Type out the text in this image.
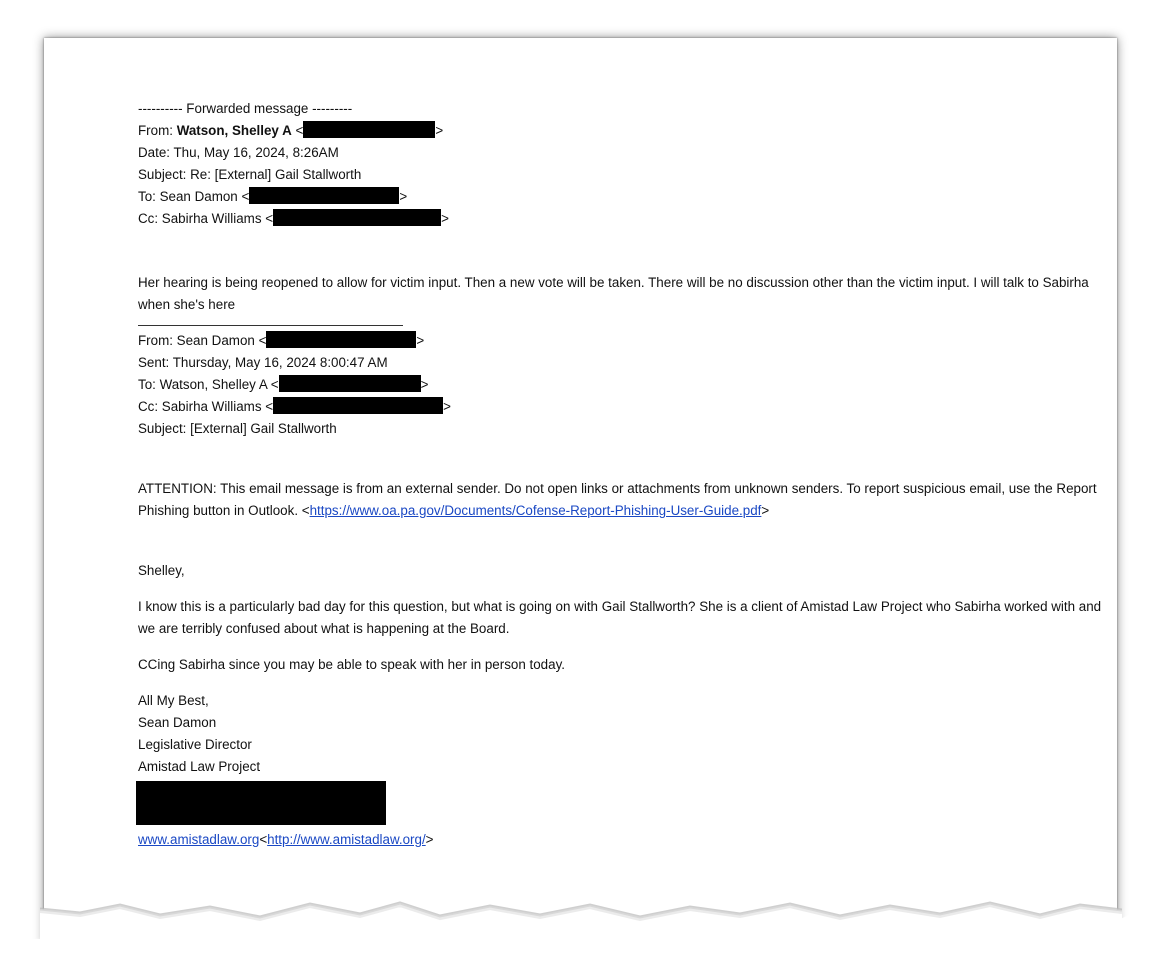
---------- Forwarded message ---------
From: Watson, Shelley A <	>
Date: Thu, May 16, 2024, 8:26AM
Subject: Re: [External] Gail Stallworth
To: Sean Damon <	>
Cc: Sabirha Williams <	>

Her hearing is being reopened to allow for victim input. Then a new vote will be taken. There will be no discussion other than the victim input. I will talk to Sabirha when she's here

From: Sean Damon <	>
Sent: Thursday, May 16, 2024 8:00:47 AM
To: Watson, Shelley A <	>
Cc: Sabirha Williams <	>
Subject: [External] Gail Stallworth

ATTENTION: This email message is from an external sender. Do not open links or attachments from unknown senders. To report suspicious email, use the Report Phishing button in Outlook. <https://www.oa.pa.gov/Documents/Cofense-Report-Phishing-User-Guide.pdf>

Shelley,

I know this is a particularly bad day for this question, but what is going on with Gail Stallworth? She is a client of Amistad Law Project who Sabirha worked with and we are terribly confused about what is happening at the Board.

CCing Sabirha since you may be able to speak with her in person today.
All My Best,
Sean Damon
Legislative Director
Amistad Law Project
www.amistadlaw.org<http://www.amistadlaw.org/>
